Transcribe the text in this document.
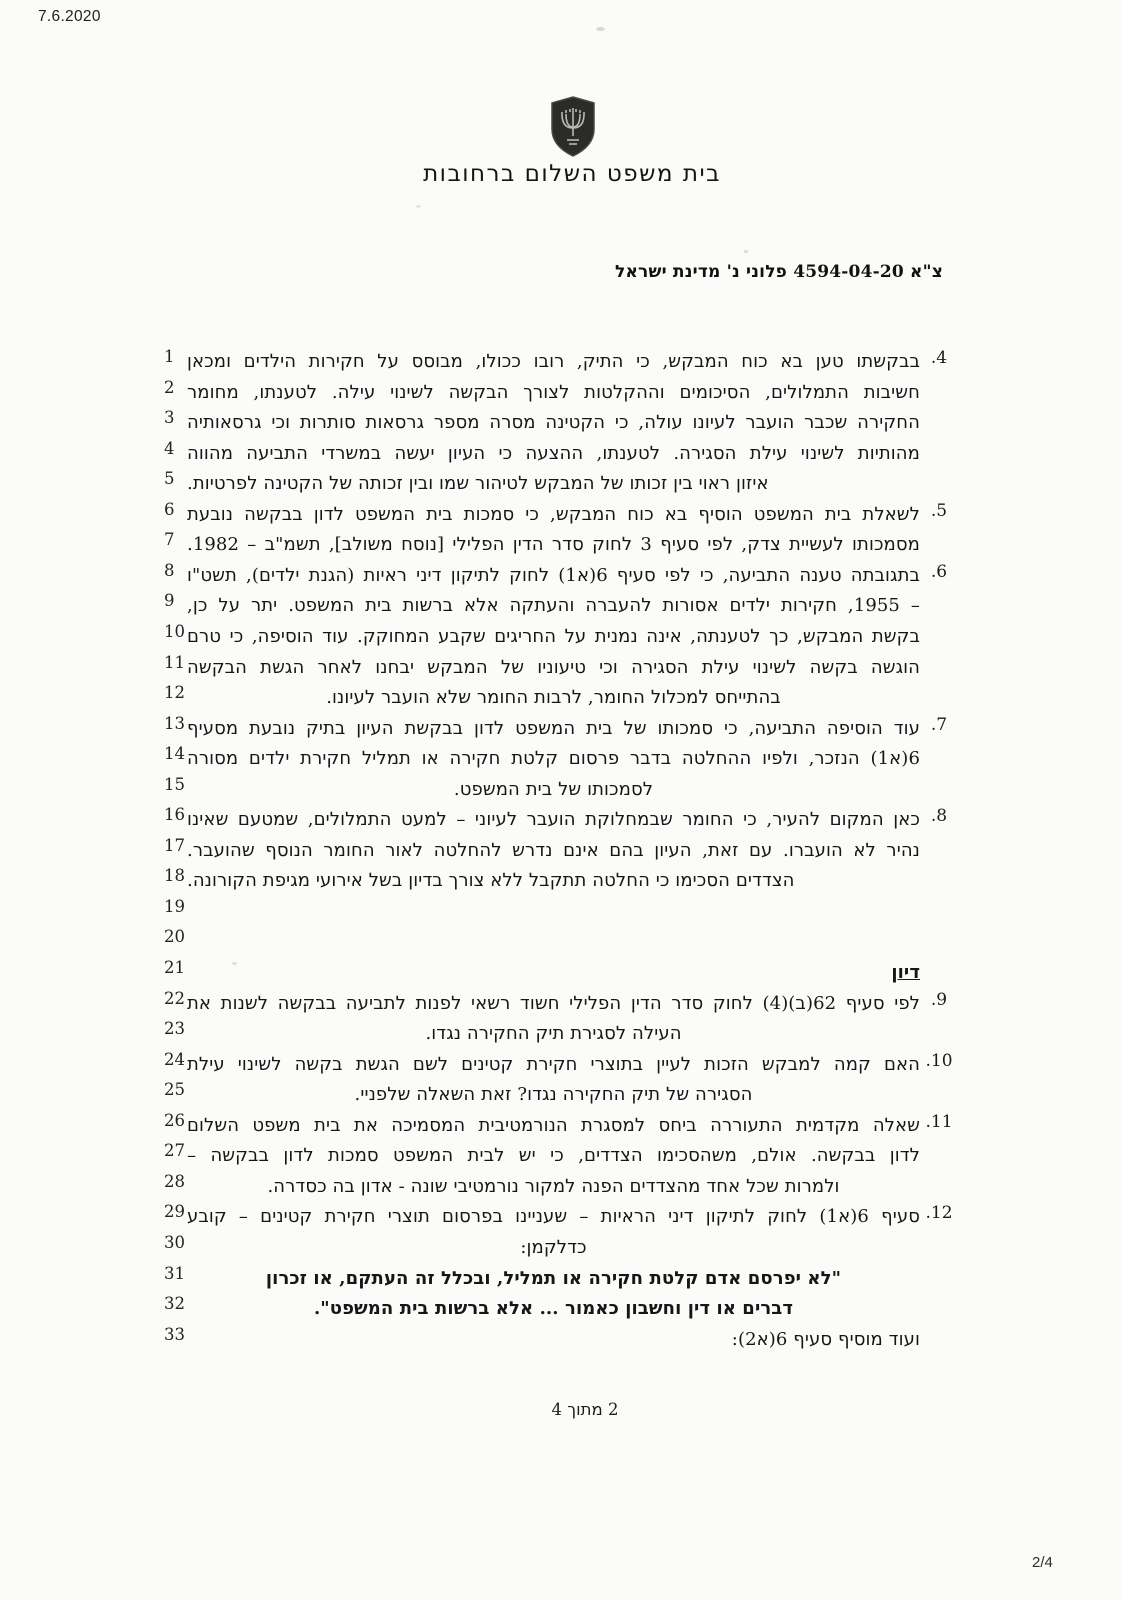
7.6.2020
בית משפט השלום ברחובות
צ"א 4594-04-20 פלוני נ' מדינת ישראל
1	4.
בבקשתו טען בא כוח המבקש, כי התיק, רובו ככולו, מבוסס על חקירות הילדים ומכאן
2 חשיבות התמלולים, הסיכומים וההקלטות לצורך הבקשה לשינוי עילה. לטענתו, מחומר
3 החקירה שכבר הועבר לעיונו עולה, כי הקטינה מסרה מספר גרסאות סותרות וכי גרסאותיה
4 מהותיות לשינוי עילת הסגירה. לטענתו, ההצעה כי העיון יעשה במשרדי התביעה מהווה
5 איזון ראוי בין זכותו של המבקש לטיהור שמו ובין זכותה של הקטינה לפרטיות.
6	5.
לשאלת בית המשפט הוסיף בא כוח המבקש, כי סמכות בית המשפט לדון בבקשה נובעת
7 מסמכותו לעשיית צדק, לפי סעיף 3 לחוק סדר הדין הפלילי [נוסח משולב], תשמ"ב – 1982.
8	6.
בתגובתה טענה התביעה, כי לפי סעיף 6(א1) לחוק לתיקון דיני ראיות (הגנת ילדים), תשט"ו
9 – 1955, חקירות ילדים אסורות להעברה והעתקה אלא ברשות בית המשפט. יתר על כן,
10 בקשת המבקש, כך לטענתה, אינה נמנית על החריגים שקבע המחוקק. עוד הוסיפה, כי טרם
11 הוגשה בקשה לשינוי עילת הסגירה וכי טיעוניו של המבקש יבחנו לאחר הגשת הבקשה
12	בהתייחס למכלול החומר, לרבות החומר שלא הועבר לעיונו.
13	7.
עוד הוסיפה התביעה, כי סמכותו של בית המשפט לדון בבקשת העיון בתיק נובעת מסעיף
14 6(א1) הנזכר, ולפיו ההחלטה בדבר פרסום קלטת חקירה או תמליל חקירת ילדים מסורה
15	לסמכותו של בית המשפט.
16	8.
כאן המקום להעיר, כי החומר שבמחלוקת הועבר לעיוני – למעט התמלולים, שמטעם שאינו
17 נהיר לא הועברו. עם זאת, העיון בהם אינם נדרש להחלטה לאור החומר הנוסף שהועבר.
18 הצדדים הסכימו כי החלטה תתקבל ללא צורך בדיון בשל אירועי מגיפת הקורונה.
19
20
21	דיון
22	9.
לפי סעיף 62(ב)(4) לחוק סדר הדין הפלילי חשוד רשאי לפנות לתביעה בבקשה לשנות את
23	העילה לסגירת תיק החקירה נגדו.
24	10.
האם קמה למבקש הזכות לעיין בתוצרי חקירת קטינים לשם הגשת בקשה לשינוי עילת
25	הסגירה של תיק החקירה נגדו? זאת השאלה שלפניי.
26	11.
שאלה מקדמית התעוררה ביחס למסגרת הנורמטיבית המסמיכה את בית משפט השלום
27 לדון בבקשה. אולם, משהסכימו הצדדים, כי יש לבית המשפט סמכות לדון בבקשה –
28	ולמרות שכל אחד מהצדדים הפנה למקור נורמטיבי שונה - אדון בה כסדרה.
29	12.
סעיף 6(א1) לחוק לתיקון דיני הראיות – שעניינו בפרסום תוצרי חקירת קטינים – קובע
30	כדלקמן:
31	"לא יפרסם אדם קלטת חקירה או תמליל, ובכלל זה העתקם, או זכרון
32	דברים או דין וחשבון כאמור ... אלא ברשות בית המשפט".
33	ועוד מוסיף סעיף 6(א2):
2 מתוך 4
2/4
